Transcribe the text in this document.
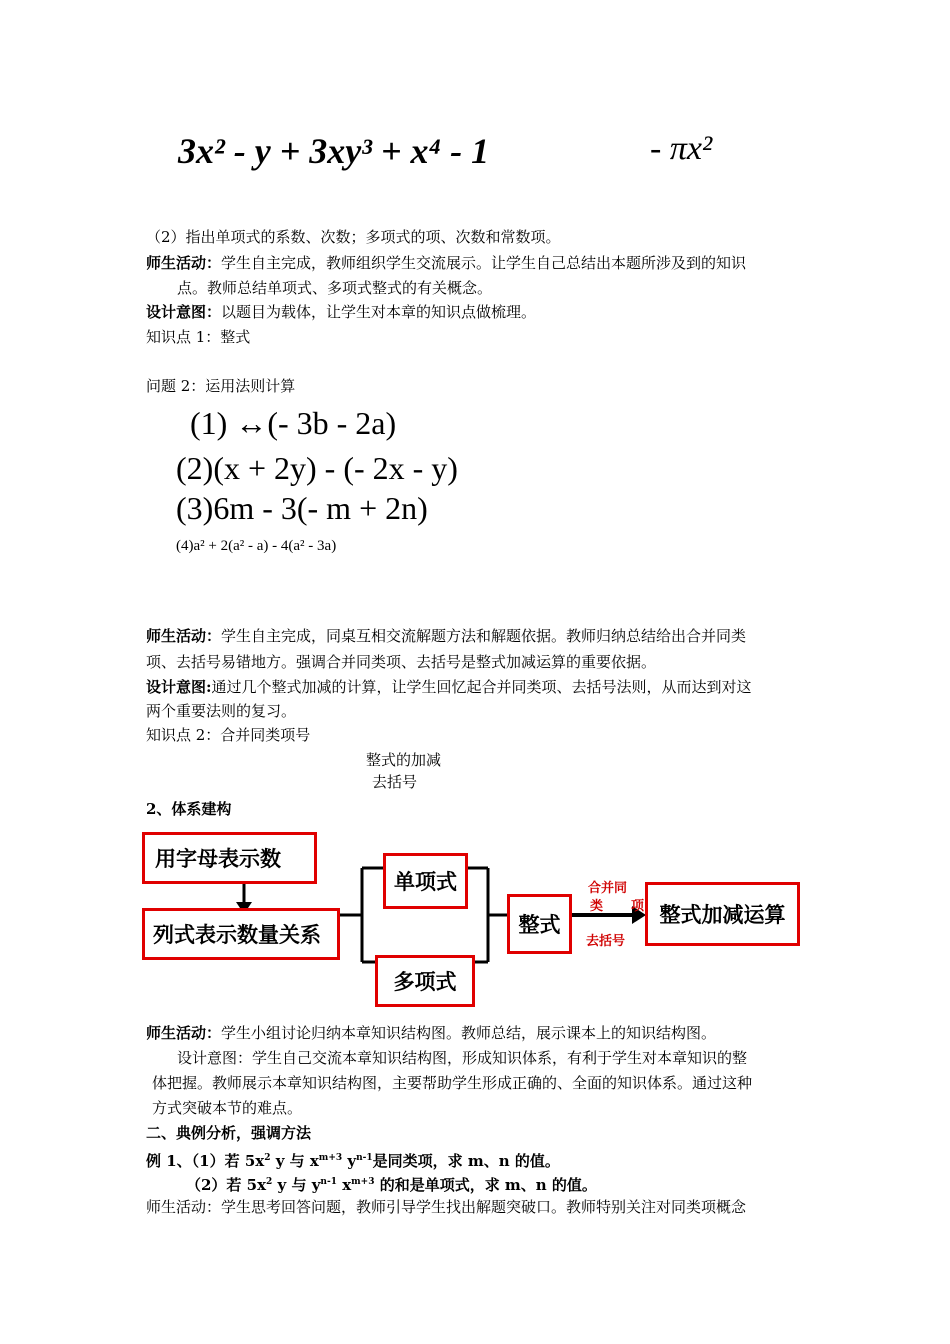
3x² - y + 3xy³ + x⁴ - 1	- πx²
（2）指出单项式的系数、次数；多项式的项、次数和常数项。
师生活动：学生自主完成，教师组织学生交流展示。让学生自己总结出本题所涉及到的知识
点。教师总结单项式、多项式整式的有关概念。
设计意图：以题目为载体，让学生对本章的知识点做梳理。
知识点 1：整式
问题 2：运用法则计算
(1) ↔(- 3b - 2a)
(2)(x + 2y) - (- 2x - y)
(3)6m - 3(- m + 2n)
(4)a² + 2(a² - a) - 4(a² - 3a)
师生活动：学生自主完成，同桌互相交流解题方法和解题依据。教师归纳总结给出合并同类
项、去括号易错地方。强调合并同类项、去括号是整式加减运算的重要依据。
设计意图:通过几个整式加减的计算，让学生回忆起合并同类项、去括号法则，从而达到对这
两个重要法则的复习。
知识点 2：合并同类项号
整式的加减
去括号
2、体系建构
用字母表示数
列式表示数量关系
单项式
多项式
整式	整式加减运算
合并同
类 项
去括号
师生活动：学生小组讨论归纳本章知识结构图。教师总结，展示课本上的知识结构图。
设计意图：学生自己交流本章知识结构图，形成知识体系，有利于学生对本章知识的整
体把握。教师展示本章知识结构图，主要帮助学生形成正确的、全面的知识体系。通过这种
方式突破本节的难点。
二、典例分析，强调方法
例 1、（1）若 $5x^2$ y 与 $x^{m+3}$ $y^{n-1}$是同类项，求 m、n 的值。
（2）若 $5x^2$ y 与 $y^{n-1}$ $x^{m+3}$ 的和是单项式，求 m、n 的值。
师生活动：学生思考回答问题，教师引导学生找出解题突破口。教师特别关注对同类项概念
